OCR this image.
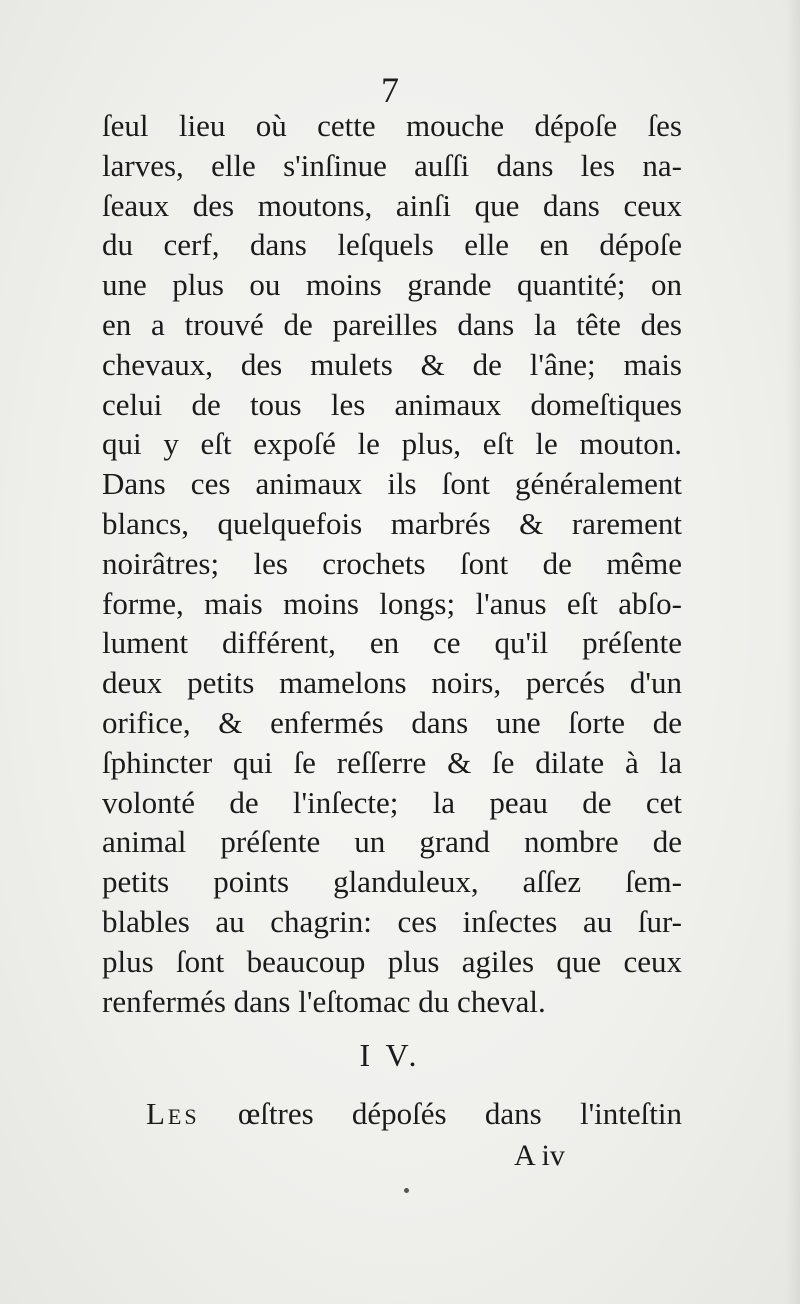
7
ſeul lieu où cette mouche dépoſe ſes
larves, elle s'inſinue auſſi dans les na-
ſeaux des moutons, ainſi que dans ceux
du cerf, dans leſquels elle en dépoſe
une plus ou moins grande quantité; on
en a trouvé de pareilles dans la tête des
chevaux, des mulets & de l'âne; mais
celui de tous les animaux domeſtiques
qui y eſt expoſé le plus, eſt le mouton.
Dans ces animaux ils ſont généralement
blancs, quelquefois marbrés & rarement
noirâtres; les crochets ſont de même
forme, mais moins longs; l'anus eſt abſo-
lument différent, en ce qu'il préſente
deux petits mamelons noirs, percés d'un
orifice, & enfermés dans une ſorte de
ſphincter qui ſe reſſerre & ſe dilate à la
volonté de l'inſecte; la peau de cet
animal préſente un grand nombre de
petits points glanduleux, aſſez ſem-
blables au chagrin: ces inſectes au ſur-
plus ſont beaucoup plus agiles que ceux
renfermés dans l'eſtomac du cheval.
I V.
Les œſtres dépoſés dans l'inteſtin
A iv
